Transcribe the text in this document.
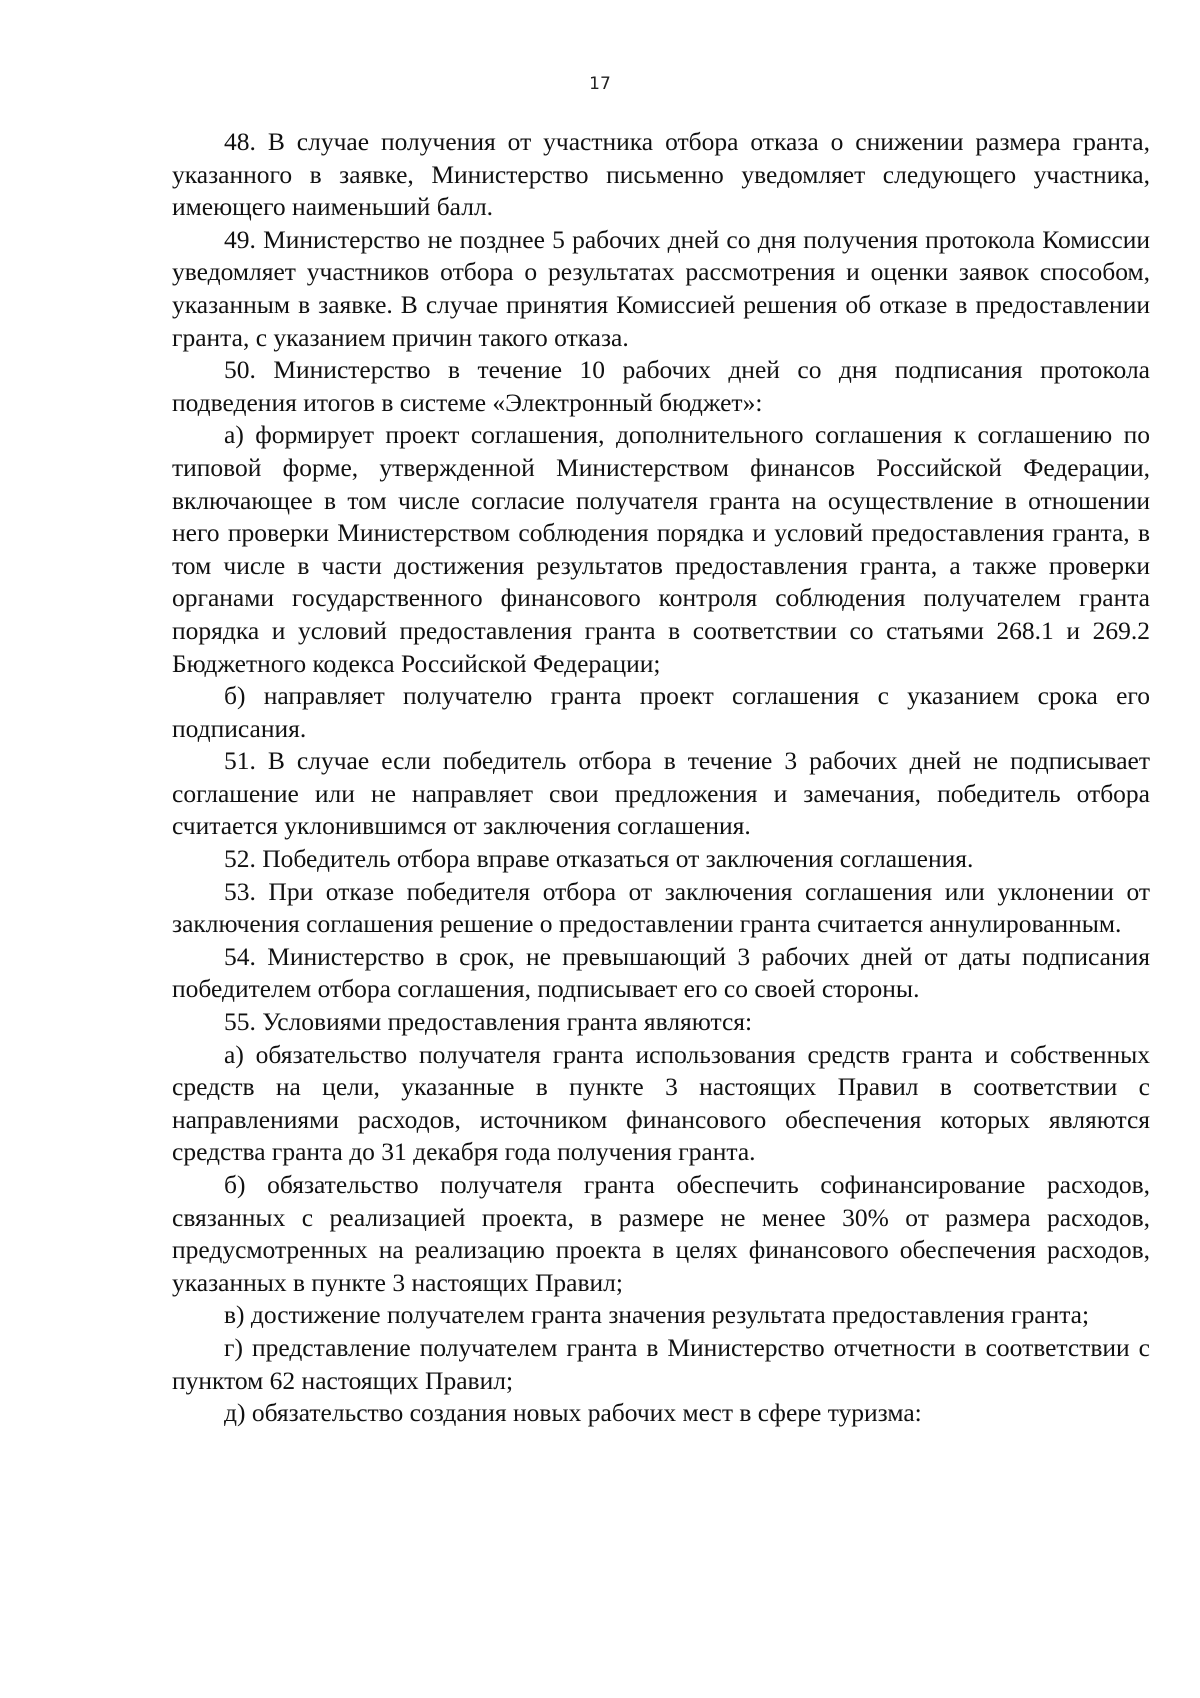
17

48. В случае получения от участника отбора отказа о снижении размера гранта, указанного в заявке, Министерство письменно уведомляет следующего участника, имеющего наименьший балл.

49. Министерство не позднее 5 рабочих дней со дня получения протокола Комиссии уведомляет участников отбора о результатах рассмотрения и оценки заявок способом, указанным в заявке. В случае принятия Комиссией решения об отказе в предоставлении гранта, с указанием причин такого отказа.

50. Министерство в течение 10 рабочих дней со дня подписания протокола подведения итогов в системе «Электронный бюджет»:

а) формирует проект соглашения, дополнительного соглашения к соглашению по типовой форме, утвержденной Министерством финансов Российской Федерации, включающее в том числе согласие получателя гранта на осуществление в отношении него проверки Министерством соблюдения порядка и условий предоставления гранта, в том числе в части достижения результатов предоставления гранта, а также проверки органами государственного финансового контроля соблюдения получателем гранта порядка и условий предоставления гранта в соответствии со статьями 268.1 и 269.2 Бюджетного кодекса Российской Федерации;

б) направляет получателю гранта проект соглашения с указанием срока его подписания.

51. В случае если победитель отбора в течение 3 рабочих дней не подписывает соглашение или не направляет свои предложения и замечания, победитель отбора считается уклонившимся от заключения соглашения.

52. Победитель отбора вправе отказаться от заключения соглашения.

53. При отказе победителя отбора от заключения соглашения или уклонении от заключения соглашения решение о предоставлении гранта считается аннулированным.

54. Министерство в срок, не превышающий 3 рабочих дней от даты подписания победителем отбора соглашения, подписывает его со своей стороны.

55. Условиями предоставления гранта являются:

а) обязательство получателя гранта использования средств гранта и собственных средств на цели, указанные в пункте 3 настоящих Правил в соответствии с направлениями расходов, источником финансового обеспечения которых являются средства гранта до 31 декабря года получения гранта.

б) обязательство получателя гранта обеспечить софинансирование расходов, связанных с реализацией проекта, в размере не менее 30% от размера расходов, предусмотренных на реализацию проекта в целях финансового обеспечения расходов, указанных в пункте 3 настоящих Правил;

в) достижение получателем гранта значения результата предоставления гранта;

г) представление получателем гранта в Министерство отчетности в соответствии с пунктом 62 настоящих Правил;

д) обязательство создания новых рабочих мест в сфере туризма:
